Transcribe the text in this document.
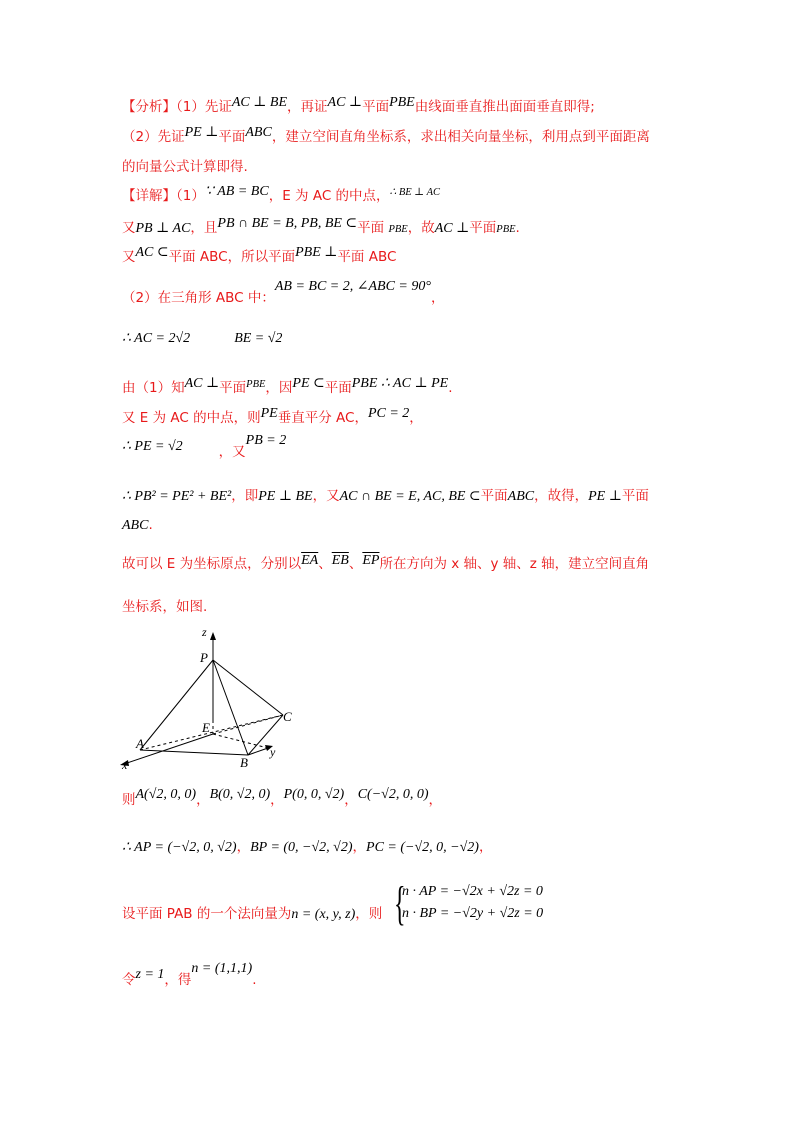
【分析】（1）先证AC ⊥ BE，再证AC ⊥平面PBE由线面垂直推出面面垂直即得;
（2）先证PE ⊥平面ABC，建立空间直角坐标系，求出相关向量坐标，利用点到平面距离
的向量公式计算即得.
【详解】（1）∵ AB = BC，E 为 AC 的中点，$^{\therefore BE \perp AC}$
又PB ⊥ AC，且PB ∩ BE = B, PB, BE ⊂平面 PBE，故AC ⊥平面PBE.
又AC ⊂平面 ABC，所以平面PBE ⊥平面 ABC
（2）在三角形 ABC 中：AB = BC = 2, ∠ABC = 90°，
∴ AC = 2√2	BE = √2
由（1）知AC ⊥平面$^{PBE}$，因PE ⊂平面PBE ∴ AC ⊥ PE.
又 E 为 AC 的中点，则PE垂直平分 AC，PC = 2，
∴ PE = √2	，又PB = 2
∴ PB² = PE² + BE²，即PE ⊥ BE，又AC ∩ BE = E, AC, BE ⊂平面ABC，故得，PE ⊥平面
ABC.
故可以 E 为坐标原点，分别以$\overline{EA}$、$\overline{EB}$、$\overline{EP}$所在方向为 x 轴、y 轴、z 轴，建立空间直角
坐标系，如图.
z
P
C
E
A
x	B
y
则A(√2, 0, 0)，B(0, √2, 0)，P(0, 0, √2)，C(−√2, 0, 0)，
∴ AP = (−√2, 0, √2)，BP = (0, −√2, √2)，PC = (−√2, 0, −√2)，
设平面 PAB 的一个法向量为n = (x, y, z)，则 {
n · AP = −√2x + √2z = 0
n · BP = −√2y + √2z = 0
令z = 1，得n = (1,1,1).
